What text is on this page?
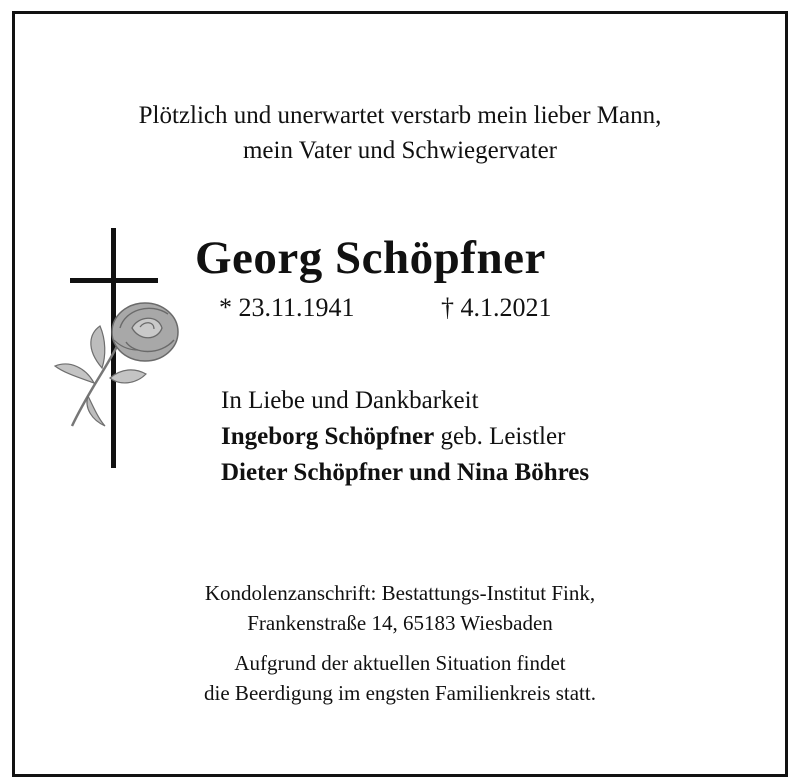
Plötzlich und unerwartet verstarb mein lieber Mann,
mein Vater und Schwiegervater
Georg Schöpfner
* 23.11.1941	† 4.1.2021
In Liebe und Dankbarkeit
Ingeborg Schöpfner geb. Leistler
Dieter Schöpfner und Nina Böhres
Kondolenzanschrift: Bestattungs-Institut Fink,
Frankenstraße 14, 65183 Wiesbaden
Aufgrund der aktuellen Situation findet
die Beerdigung im engsten Familienkreis statt.
